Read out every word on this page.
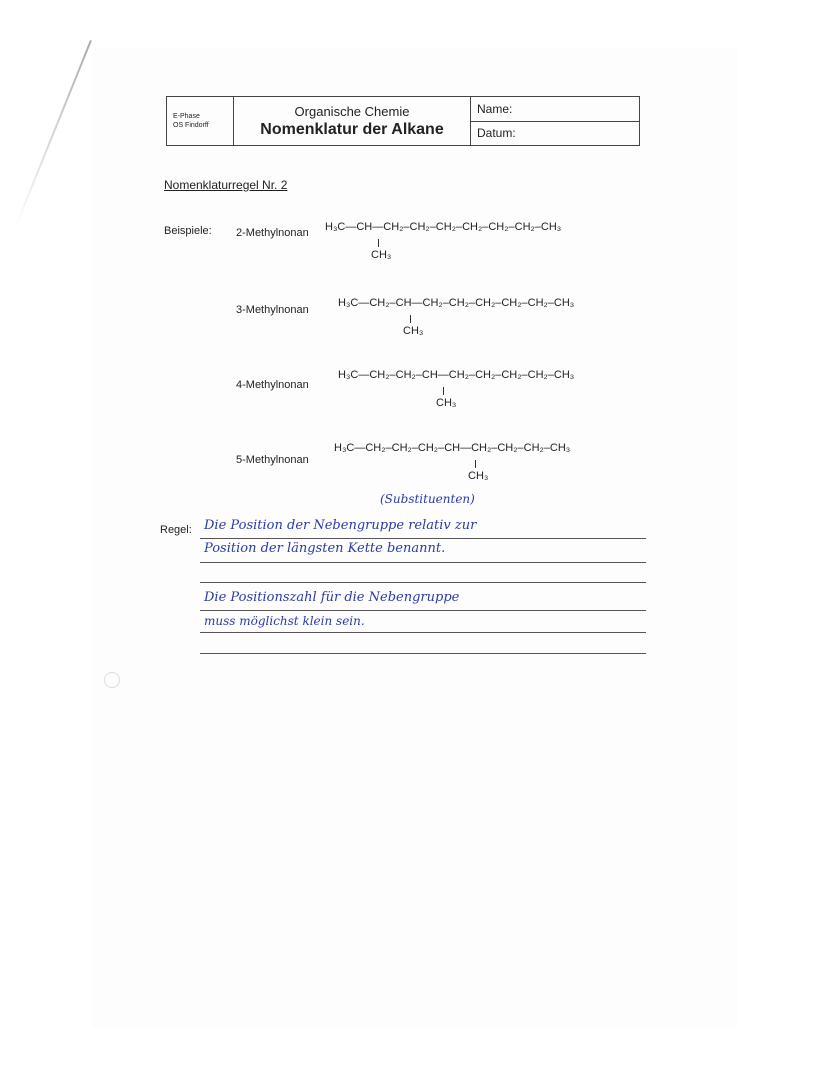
E-Phase
OS Findorff
Organische Chemie
Nomenklatur der Alkane
Name:
Datum:
Nomenklaturregel Nr. 2
Beispiele: 2-Methylnonan H₃C—CH—CH₂–CH₂–CH₂–CH₂–CH₂–CH₂–CH₃
CH₃
3-Methylnonan
H₃C—CH₂–CH—CH₂–CH₂–CH₂–CH₂–CH₂–CH₃
CH₃
4-Methylnonan
H₃C—CH₂–CH₂–CH—CH₂–CH₂–CH₂–CH₂–CH₃
CH₃
5-Methylnonan
H₃C—CH₂–CH₂–CH₂–CH—CH₂–CH₂–CH₂–CH₃
CH₃
Regel:
(Substituenten)
Die Position der Nebengruppe relativ zur
Position der längsten Kette benannt.
Die Positionszahl für die Nebengruppe
muss möglichst klein sein.
